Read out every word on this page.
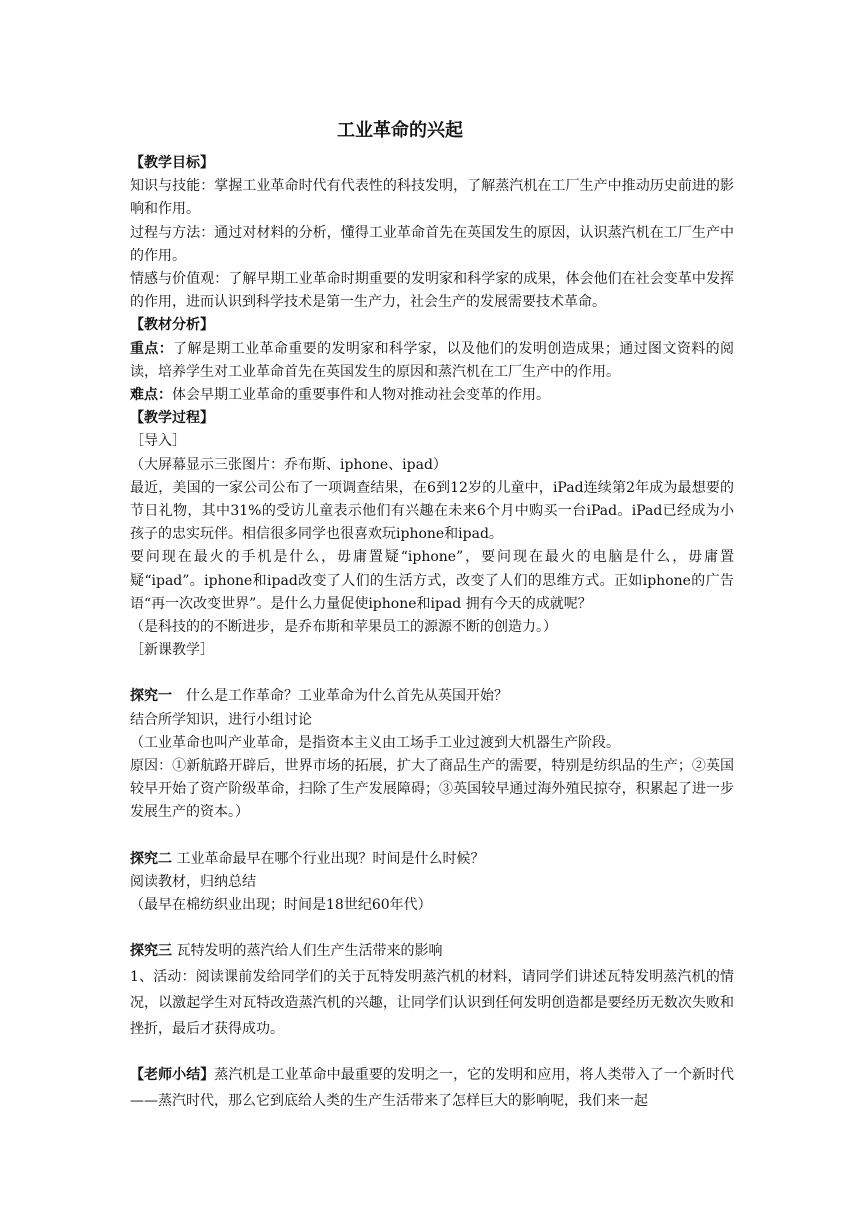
工业革命的兴起

【教学目标】

知识与技能：掌握工业革命时代有代表性的科技发明，了解蒸汽机在工厂生产中推动历史前进的影响和作用。

过程与方法：通过对材料的分析，懂得工业革命首先在英国发生的原因，认识蒸汽机在工厂生产中的作用。

情感与价值观：了解早期工业革命时期重要的发明家和科学家的成果，体会他们在社会变革中发挥的作用，进而认识到科学技术是第一生产力，社会生产的发展需要技术革命。

【教材分析】

重点：了解是期工业革命重要的发明家和科学家，以及他们的发明创造成果；通过图文资料的阅读，培养学生对工业革命首先在英国发生的原因和蒸汽机在工厂生产中的作用。

难点：体会早期工业革命的重要事件和人物对推动社会变革的作用。

【教学过程】

［导入］

（大屏幕显示三张图片：乔布斯、iphone、ipad）

最近，美国的一家公司公布了一项调查结果，在6到12岁的儿童中，iPad连续第2年成为最想要的节日礼物，其中31%的受访儿童表示他们有兴趣在未来6个月中购买一台iPad。iPad已经成为小孩子的忠实玩伴。相信很多同学也很喜欢玩iphone和ipad。

要问现在最火的手机是什么，毋庸置疑“iphone”，要问现在最火的电脑是什么，毋庸置疑“ipad”。iphone和ipad改变了人们的生活方式，改变了人们的思维方式。正如iphone的广告语“再一次改变世界”。是什么力量促使iphone和ipad 拥有今天的成就呢？

（是科技的的不断进步，是乔布斯和苹果员工的源源不断的创造力。）

［新课教学］

探究一　什么是工作革命？工业革命为什么首先从英国开始？

结合所学知识，进行小组讨论

（工业革命也叫产业革命，是指资本主义由工场手工业过渡到大机器生产阶段。

原因：①新航路开辟后，世界市场的拓展，扩大了商品生产的需要，特别是纺织品的生产；②英国较早开始了资产阶级革命，扫除了生产发展障碍；③英国较早通过海外殖民掠夺，积累起了进一步发展生产的资本。）

探究二 工业革命最早在哪个行业出现？时间是什么时候？

阅读教材，归纳总结

（最早在棉纺织业出现；时间是18世纪60年代）

探究三 瓦特发明的蒸汽给人们生产生活带来的影响

1、活动：阅读课前发给同学们的关于瓦特发明蒸汽机的材料，请同学们讲述瓦特发明蒸汽机的情况，以激起学生对瓦特改造蒸汽机的兴趣，让同学们认识到任何发明创造都是要经历无数次失败和挫折，最后才获得成功。

【老师小结】蒸汽机是工业革命中最重要的发明之一，它的发明和应用，将人类带入了一个新时代——蒸汽时代，那么它到底给人类的生产生活带来了怎样巨大的影响呢，我们来一起
